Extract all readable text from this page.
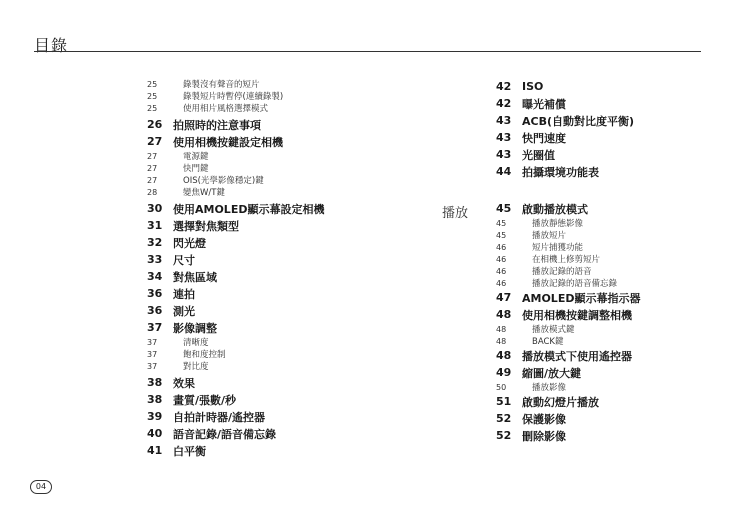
目錄
25	錄製沒有聲音的短片
25	錄製短片時暫停(連續錄製)
25	使用相片風格選擇模式
26 拍照時的注意事項
27 使用相機按鍵設定相機
27	電源鍵
27	快門鍵
27	OIS(光學影像穩定)鍵
28	變焦W/T鍵
30 使用AMOLED顯示幕設定相機
31 選擇對焦類型
32 閃光燈
33 尺寸
34 對焦區域
36 連拍
36 測光
37 影像調整
37	清晰度
37	飽和度控制
37	對比度
38 效果
38 畫質/張數/秒
39 自拍計時器/遙控器
40 語音記錄/語音備忘錄
41 白平衡
播放
42 ISO
42 曝光補償
43 ACB(自動對比度平衡)
43 快門速度
43 光圈值
44 拍攝環境功能表
45 啟動播放模式
45	播放靜態影像
45	播放短片
46	短片捕獲功能
46	在相機上修剪短片
46	播放記錄的語音
46	播放記錄的語音備忘錄
47 AMOLED顯示幕指示器
48 使用相機按鍵調整相機
48	播放模式鍵
48	BACK鍵
48 播放模式下使用遙控器
49 縮圖/放大鍵
50	播放影像
51 啟動幻燈片播放
52 保護影像
52 刪除影像
04
